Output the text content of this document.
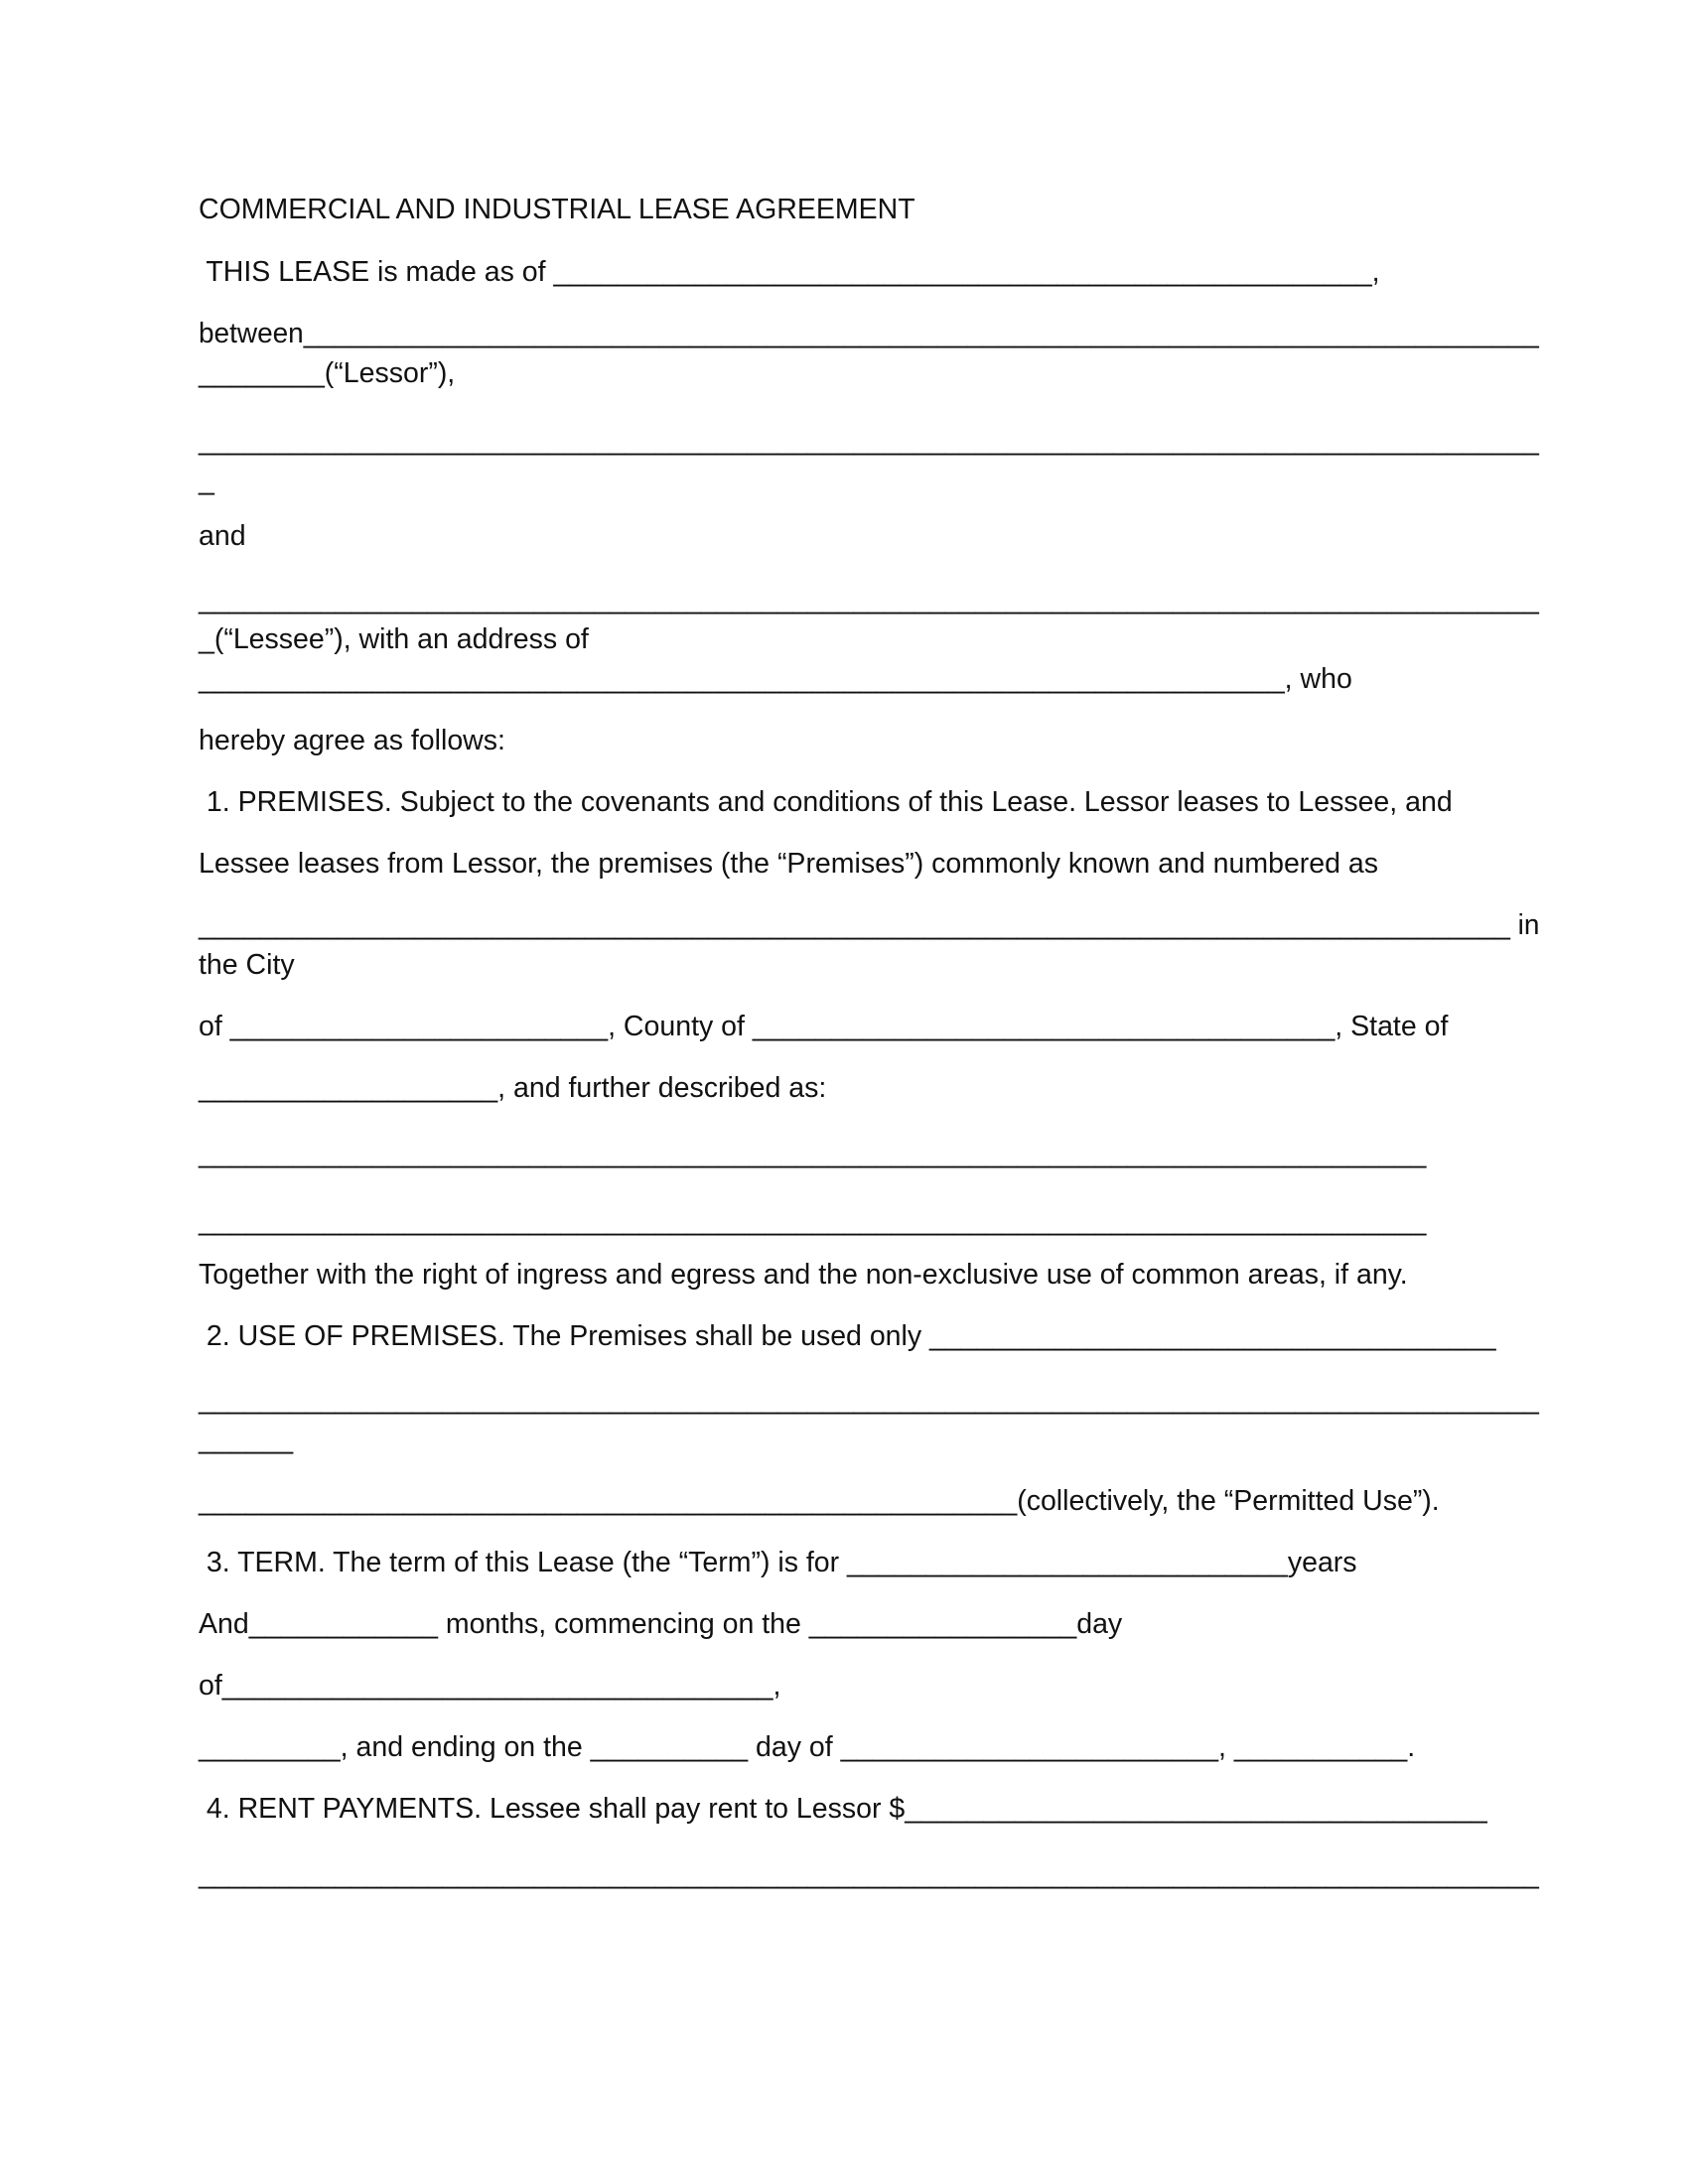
COMMERCIAL AND INDUSTRIAL LEASE AGREEMENT
THIS LEASE is made as of ____________________________________________________,
between________________________________________________________________________________
________(“Lessor”),
________________________________________________________________________________________
_
and
________________________________________________________________________________________
_(“Lessee”), with an address of
_____________________________________________________________________, who
hereby agree as follows:
1. PREMISES. Subject to the covenants and conditions of this Lease. Lessor leases to Lessee, and
Lessee leases from Lessor, the premises (the “Premises”) commonly known and numbered as
_____________________________________________________________________________________ in
the City
of ________________________, County of _____________________________________, State of
___________________, and further described as:
______________________________________________________________________________
______________________________________________________________________________
Together with the right of ingress and egress and the non-exclusive use of common areas, if any.
2. USE OF PREMISES. The Premises shall be used only ____________________________________
________________________________________________________________________________________
______
____________________________________________________(collectively, the “Permitted Use”).
3. TERM. The term of this Lease (the “Term”) is for ____________________________years
And____________ months, commencing on the _________________day
of___________________________________,
_________, and ending on the __________ day of ________________________, ___________.
4. RENT PAYMENTS. Lessee shall pay rent to Lessor $_____________________________________
________________________________________________________________________________________
